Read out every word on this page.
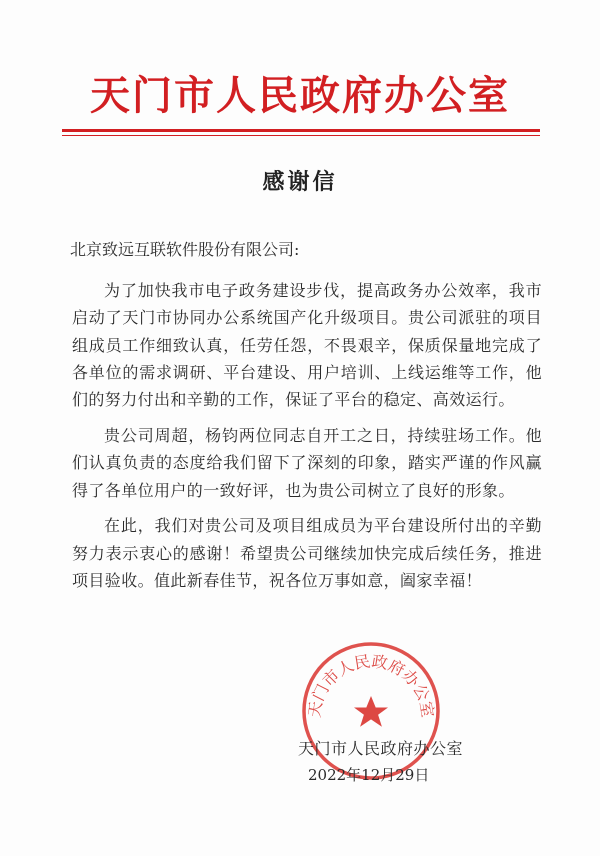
天门市人民政府办公室
感谢信
北京致远互联软件股份有限公司:

为了加快我市电子政务建设步伐，提高政务办公效率，我市启动了天门市协同办公系统国产化升级项目。贵公司派驻的项目组成员工作细致认真，任劳任怨，不畏艰辛，保质保量地完成了各单位的需求调研、平台建设、用户培训、上线运维等工作，他们的努力付出和辛勤的工作，保证了平台的稳定、高效运行。

贵公司周超，杨钧两位同志自开工之日，持续驻场工作。他们认真负责的态度给我们留下了深刻的印象，踏实严谨的作风赢得了各单位用户的一致好评，也为贵公司树立了良好的形象。

在此，我们对贵公司及项目组成员为平台建设所付出的辛勤努力表示衷心的感谢！希望贵公司继续加快完成后续任务，推进项目验收。值此新春佳节，祝各位万事如意，阖家幸福！

天门市人民政府办公室
天门市人民政府办公室
2022年12月29日
